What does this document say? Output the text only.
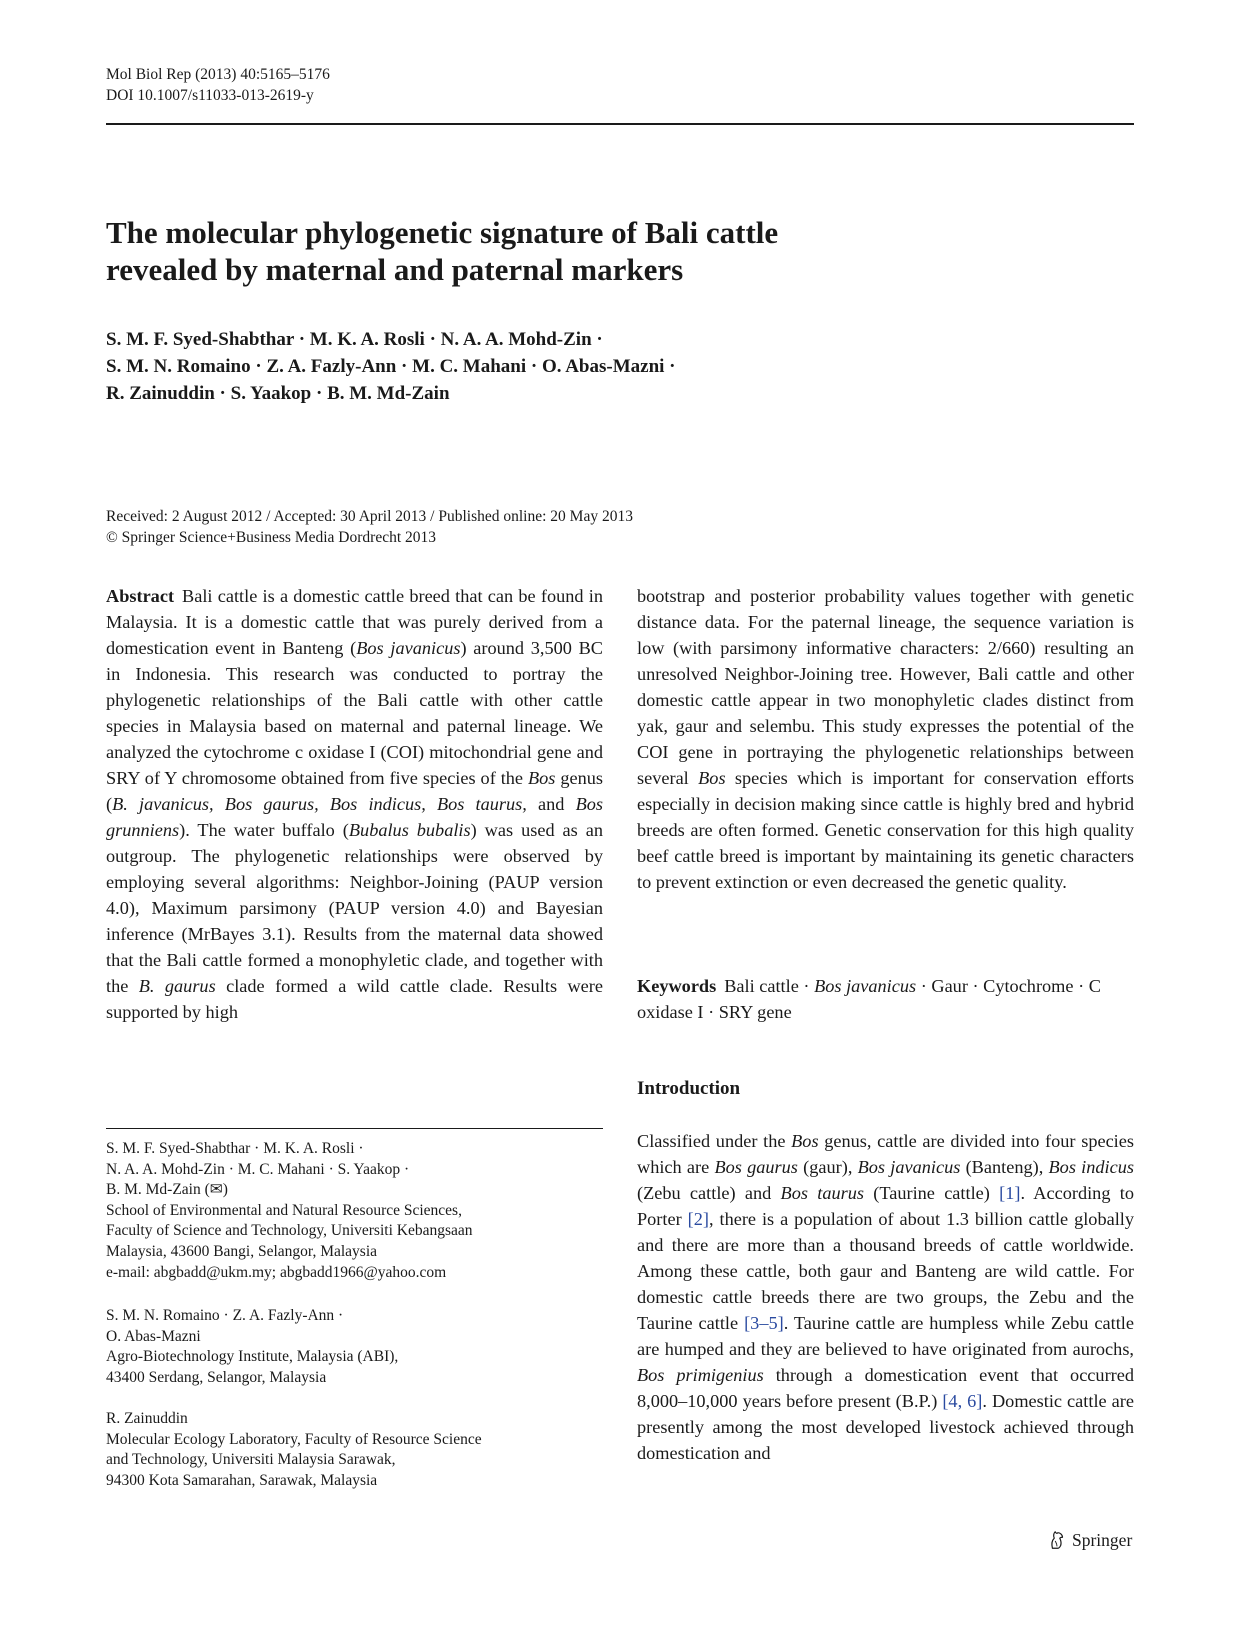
Mol Biol Rep (2013) 40:5165–5176
DOI 10.1007/s11033-013-2619-y
The molecular phylogenetic signature of Bali cattle
revealed by maternal and paternal markers
S. M. F. Syed-Shabthar · M. K. A. Rosli · N. A. A. Mohd-Zin ·
S. M. N. Romaino · Z. A. Fazly-Ann · M. C. Mahani · O. Abas-Mazni ·
R. Zainuddin · S. Yaakop · B. M. Md-Zain
Received: 2 August 2012 / Accepted: 30 April 2013 / Published online: 20 May 2013
© Springer Science+Business Media Dordrecht 2013
Abstract Bali cattle is a domestic cattle breed that can be found in Malaysia. It is a domestic cattle that was purely derived from a domestication event in Banteng (Bos javanicus) around 3,500 BC in Indonesia. This research was conducted to portray the phylogenetic relationships of the Bali cattle with other cattle species in Malaysia based on maternal and paternal lineage. We analyzed the cytochrome c oxidase I (COI) mitochondrial gene and SRY of Y chromosome obtained from five species of the Bos genus (B. javanicus, Bos gaurus, Bos indicus, Bos taurus, and Bos grunniens). The water buffalo (Bubalus bubalis) was used as an outgroup. The phylogenetic relationships were observed by employing several algorithms: Neighbor-Joining (PAUP version 4.0), Maximum parsimony (PAUP version 4.0) and Bayesian inference (MrBayes 3.1). Results from the maternal data showed that the Bali cattle formed a monophyletic clade, and together with the B. gaurus clade formed a wild cattle clade. Results were supported by high
bootstrap and posterior probability values together with genetic distance data. For the paternal lineage, the sequence variation is low (with parsimony informative characters: 2/660) resulting an unresolved Neighbor-Joining tree. However, Bali cattle and other domestic cattle appear in two monophyletic clades distinct from yak, gaur and selembu. This study expresses the potential of the COI gene in portraying the phylogenetic relationships between several Bos species which is important for conservation efforts especially in decision making since cattle is highly bred and hybrid breeds are often formed. Genetic conservation for this high quality beef cattle breed is important by maintaining its genetic characters to prevent extinction or even decreased the genetic quality.
Keywords Bali cattle · Bos javanicus · Gaur · Cytochrome · C oxidase I · SRY gene
Introduction
Classified under the Bos genus, cattle are divided into four species which are Bos gaurus (gaur), Bos javanicus (Banteng), Bos indicus (Zebu cattle) and Bos taurus (Taurine cattle) [1]. According to Porter [2], there is a population of about 1.3 billion cattle globally and there are more than a thousand breeds of cattle worldwide. Among these cattle, both gaur and Banteng are wild cattle. For domestic cattle breeds there are two groups, the Zebu and the Taurine cattle [3–5]. Taurine cattle are humpless while Zebu cattle are humped and they are believed to have originated from aurochs, Bos primigenius through a domestication event that occurred 8,000–10,000 years before present (B.P.) [4, 6]. Domestic cattle are presently among the most developed livestock achieved through domestication and
S. M. F. Syed-Shabthar · M. K. A. Rosli ·
N. A. A. Mohd-Zin · M. C. Mahani · S. Yaakop ·
B. M. Md-Zain (✉)
School of Environmental and Natural Resource Sciences,
Faculty of Science and Technology, Universiti Kebangsaan
Malaysia, 43600 Bangi, Selangor, Malaysia
e-mail: abgbadd@ukm.my; abgbadd1966@yahoo.com
S. M. N. Romaino · Z. A. Fazly-Ann ·
O. Abas-Mazni
Agro-Biotechnology Institute, Malaysia (ABI),
43400 Serdang, Selangor, Malaysia
R. Zainuddin
Molecular Ecology Laboratory, Faculty of Resource Science
and Technology, Universiti Malaysia Sarawak,
94300 Kota Samarahan, Sarawak, Malaysia
Springer
